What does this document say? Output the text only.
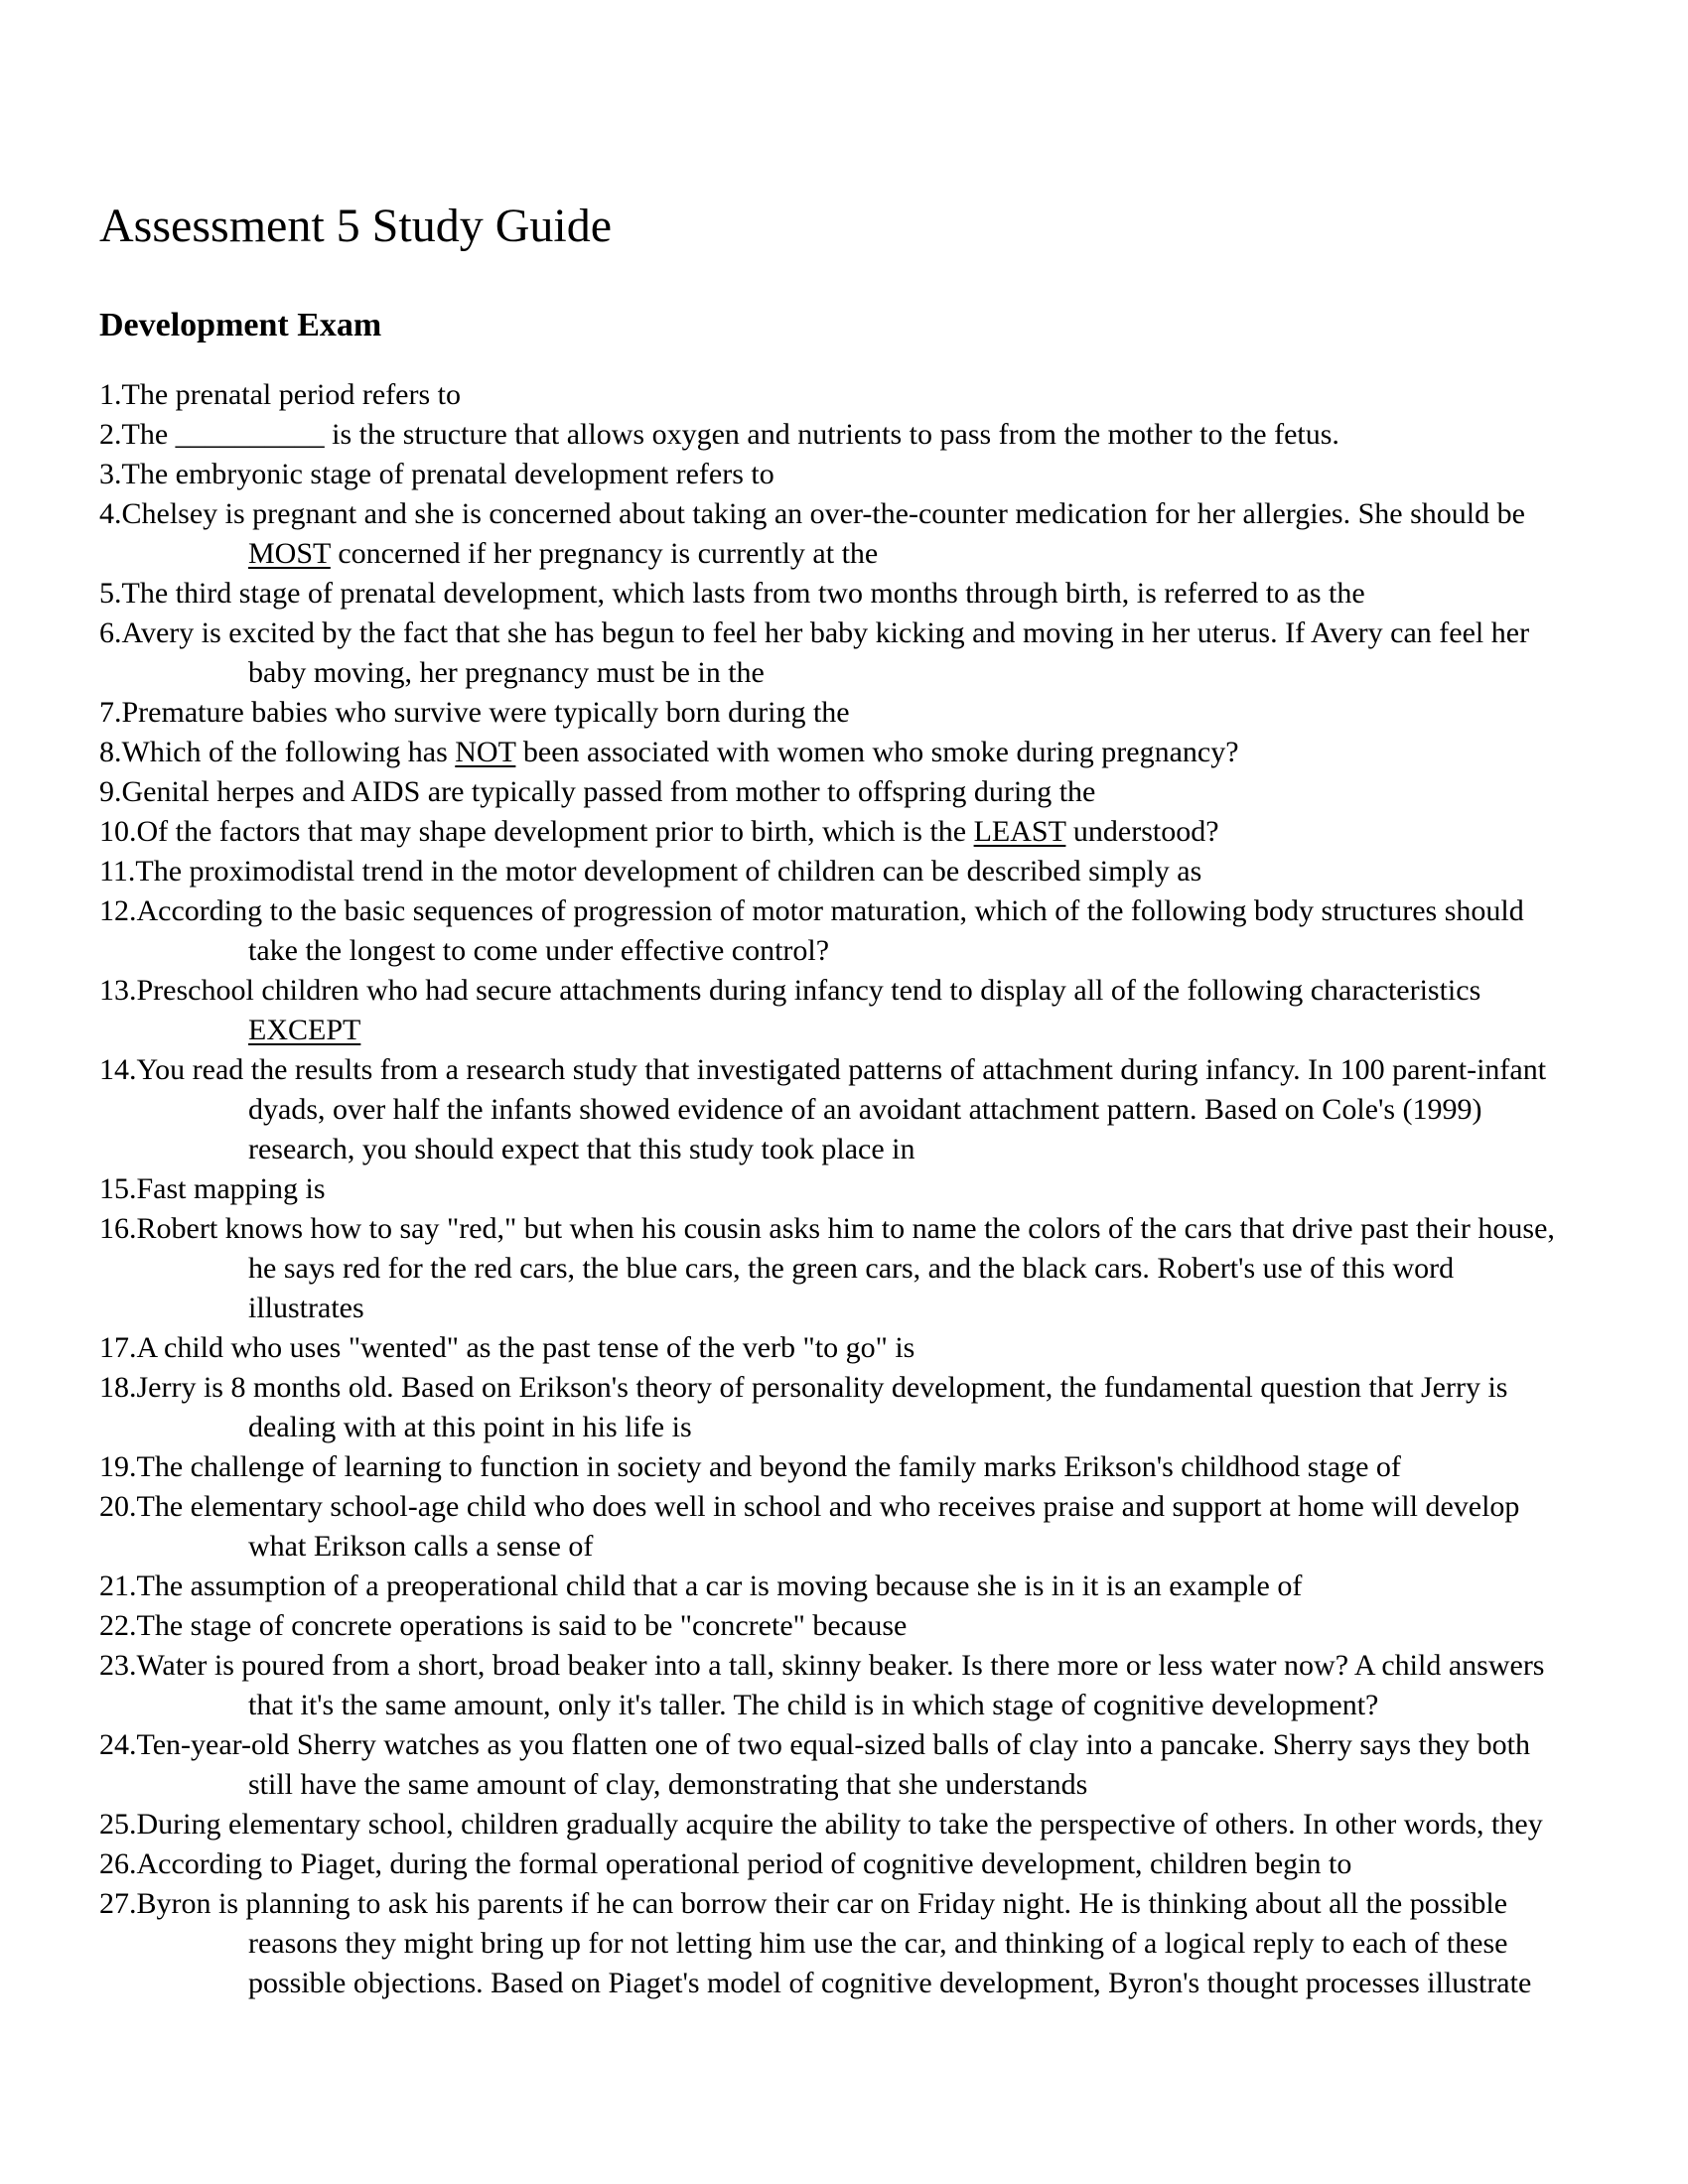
Assessment 5 Study Guide
Development Exam

1.The prenatal period refers to

2.The __________ is the structure that allows oxygen and nutrients to pass from the mother to the fetus.

3.The embryonic stage of prenatal development refers to

4.Chelsey is pregnant and she is concerned about taking an over-the-counter medication for her allergies. She should be
MOST concerned if her pregnancy is currently at the

5.The third stage of prenatal development, which lasts from two months through birth, is referred to as the

6.Avery is excited by the fact that she has begun to feel her baby kicking and moving in her uterus. If Avery can feel her
baby moving, her pregnancy must be in the

7.Premature babies who survive were typically born during the

8.Which of the following has NOT been associated with women who smoke during pregnancy?

9.Genital herpes and AIDS are typically passed from mother to offspring during the

10.Of the factors that may shape development prior to birth, which is the LEAST understood?

11.The proximodistal trend in the motor development of children can be described simply as

12.According to the basic sequences of progression of motor maturation, which of the following body structures should
take the longest to come under effective control?

13.Preschool children who had secure attachments during infancy tend to display all of the following characteristics
EXCEPT

14.You read the results from a research study that investigated patterns of attachment during infancy. In 100 parent-infant
dyads, over half the infants showed evidence of an avoidant attachment pattern. Based on Cole's (1999)
research, you should expect that this study took place in

15.Fast mapping is

16.Robert knows how to say "red," but when his cousin asks him to name the colors of the cars that drive past their house,
he says red for the red cars, the blue cars, the green cars, and the black cars. Robert's use of this word
illustrates

17.A child who uses "wented" as the past tense of the verb "to go" is

18.Jerry is 8 months old. Based on Erikson's theory of personality development, the fundamental question that Jerry is
dealing with at this point in his life is

19.The challenge of learning to function in society and beyond the family marks Erikson's childhood stage of

20.The elementary school-age child who does well in school and who receives praise and support at home will develop
what Erikson calls a sense of

21.The assumption of a preoperational child that a car is moving because she is in it is an example of

22.The stage of concrete operations is said to be "concrete" because

23.Water is poured from a short, broad beaker into a tall, skinny beaker. Is there more or less water now? A child answers
that it's the same amount, only it's taller. The child is in which stage of cognitive development?

24.Ten-year-old Sherry watches as you flatten one of two equal-sized balls of clay into a pancake. Sherry says they both
still have the same amount of clay, demonstrating that she understands

25.During elementary school, children gradually acquire the ability to take the perspective of others. In other words, they

26.According to Piaget, during the formal operational period of cognitive development, children begin to

27.Byron is planning to ask his parents if he can borrow their car on Friday night. He is thinking about all the possible
reasons they might bring up for not letting him use the car, and thinking of a logical reply to each of these
possible objections. Based on Piaget's model of cognitive development, Byron's thought processes illustrate
